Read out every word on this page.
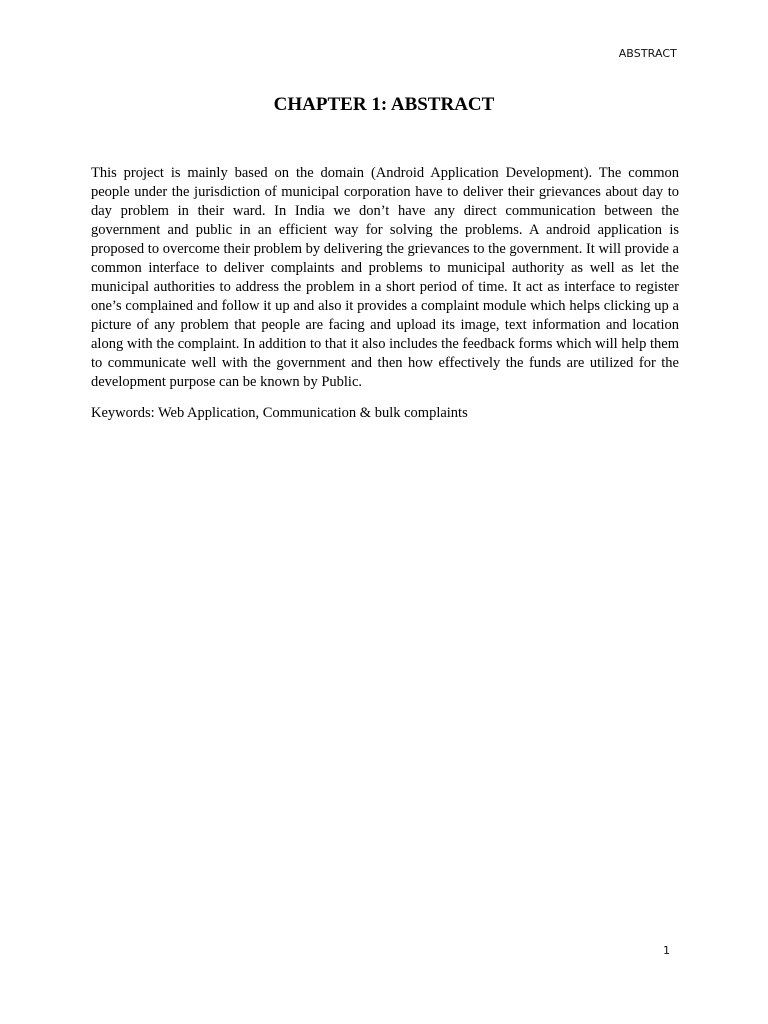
ABSTRACT
CHAPTER 1: ABSTRACT

This project is mainly based on the domain (Android Application Development). The common people under the jurisdiction of municipal corporation have to deliver their grievances about day to day problem in their ward. In India we don’t have any direct communication between the government and public in an efficient way for solving the problems. A android application is proposed to overcome their problem by delivering the grievances to the government. It will provide a common interface to deliver complaints and problems to municipal authority as well as let the municipal authorities to address the problem in a short period of time. It act as interface to register one’s complained and follow it up and also it provides a complaint module which helps clicking up a picture of any problem that people are facing and upload its image, text information and location along with the complaint. In addition to that it also includes the feedback forms which will help them to communicate well with the government and then how effectively the funds are utilized for the development purpose can be known by Public.

Keywords: Web Application, Communication & bulk complaints

1
